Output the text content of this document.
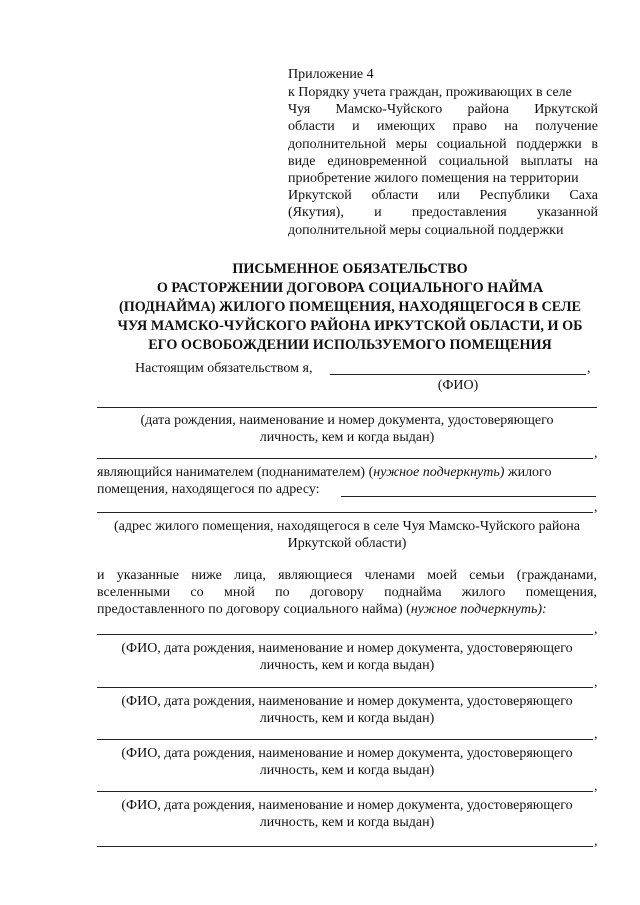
Приложение 4

к Порядку учета граждан, проживающих в селе
Чуя Мамско-Чуйского района Иркутской
области и имеющих право на получение
дополнительной меры социальной поддержки в
виде единовременной социальной выплаты на
приобретение жилого помещения на территории
Иркутской области или Республики Саха
(Якутия), и предоставления указанной
дополнительной меры социальной поддержки
ПИСЬМЕННОЕ ОБЯЗАТЕЛЬСТВО
О РАСТОРЖЕНИИ ДОГОВОРА СОЦИАЛЬНОГО НАЙМА
(ПОДНАЙМА) ЖИЛОГО ПОМЕЩЕНИЯ, НАХОДЯЩЕГОСЯ В СЕЛЕ
ЧУЯ МАМСКО-ЧУЙСКОГО РАЙОНА ИРКУТСКОЙ ОБЛАСТИ, И ОБ
ЕГО ОСВОБОЖДЕНИИ ИСПОЛЬЗУЕМОГО ПОМЕЩЕНИЯ
Настоящим обязательством я,	,
(ФИО)
(дата рождения, наименование и номер документа, удостоверяющего
личность, кем и когда выдан)
,
являющийся нанимателем (поднанимателем) (нужное подчеркнуть) жилого
помещения, находящегося по адресу:
,
(адрес жилого помещения, находящегося в селе Чуя Мамско-Чуйского района
Иркутской области)
и указанные ниже лица, являющиеся членами моей семьи (гражданами,
вселенными со мной по договору поднайма жилого помещения,
предоставленного по договору социального найма) (нужное подчеркнуть):
,
(ФИО, дата рождения, наименование и номер документа, удостоверяющего
личность, кем и когда выдан)
,
(ФИО, дата рождения, наименование и номер документа, удостоверяющего
личность, кем и когда выдан)
,
(ФИО, дата рождения, наименование и номер документа, удостоверяющего
личность, кем и когда выдан)
,
(ФИО, дата рождения, наименование и номер документа, удостоверяющего
личность, кем и когда выдан)
,
